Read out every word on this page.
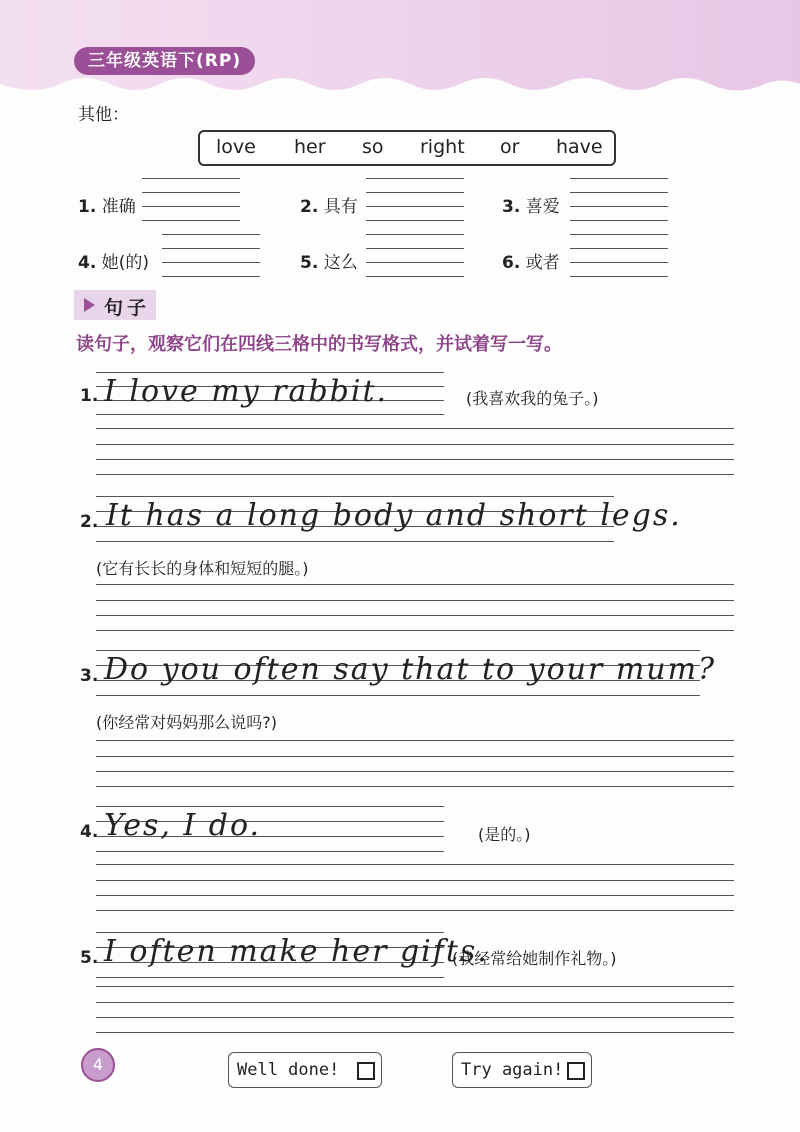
三年级英语下(RP)
其他：
love her so right or have
1. 准确	2. 具有	3. 喜爱
4. 她(的)	5. 这么	6. 或者
句子
读句子，观察它们在四线三格中的书写格式，并试着写一写。
1. I love my rabbit.	(我喜欢我的兔子。)
2. It has a long body and short legs.
(它有长长的身体和短短的腿。)
3. Do you often say that to your mum?
(你经常对妈妈那么说吗?)
4. Yes, I do.	(是的。)
5. I often make her gifts.
(我经常给她制作礼物。)
4	Well done!	Try again!
